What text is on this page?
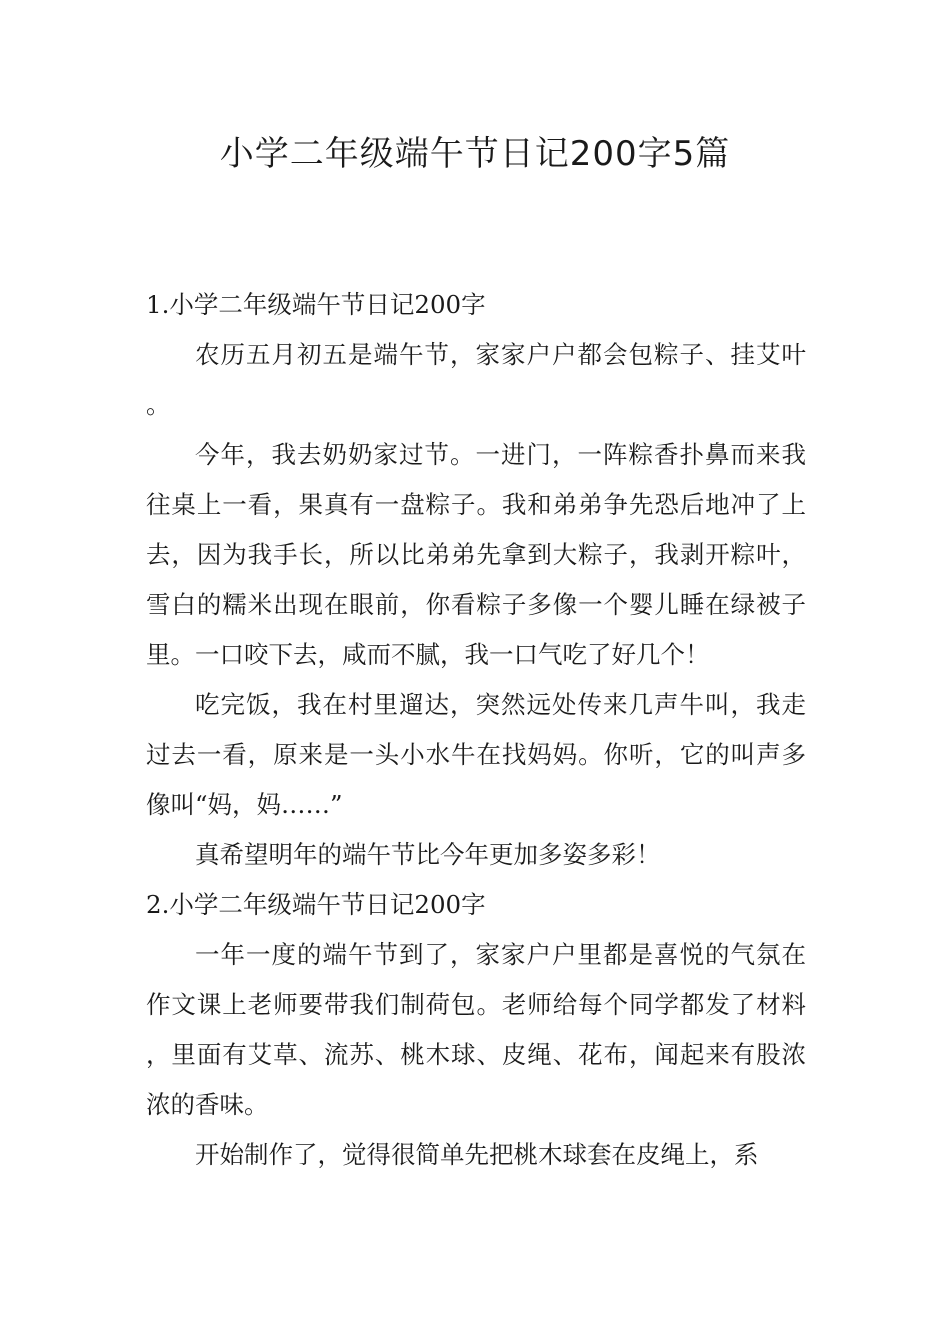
小学二年级端午节日记200字5篇
1.小学二年级端午节日记200字

农历五月初五是端午节，家家户户都会包粽子、挂艾叶。

今年，我去奶奶家过节。一进门，一阵粽香扑鼻而来我往桌上一看，果真有一盘粽子。我和弟弟争先恐后地冲了上去，因为我手长，所以比弟弟先拿到大粽子，我剥开粽叶，雪白的糯米出现在眼前，你看粽子多像一个婴儿睡在绿被子里。一口咬下去，咸而不腻，我一口气吃了好几个！

吃完饭，我在村里遛达，突然远处传来几声牛叫，我走过去一看，原来是一头小水牛在找妈妈。你听，它的叫声多像叫“妈，妈……”

真希望明年的端午节比今年更加多姿多彩！

2.小学二年级端午节日记200字

一年一度的端午节到了，家家户户里都是喜悦的气氛在作文课上老师要带我们制荷包。老师给每个同学都发了材料，里面有艾草、流苏、桃木球、皮绳、花布，闻起来有股浓浓的香味。

开始制作了，觉得很简单先把桃木球套在皮绳上，系
